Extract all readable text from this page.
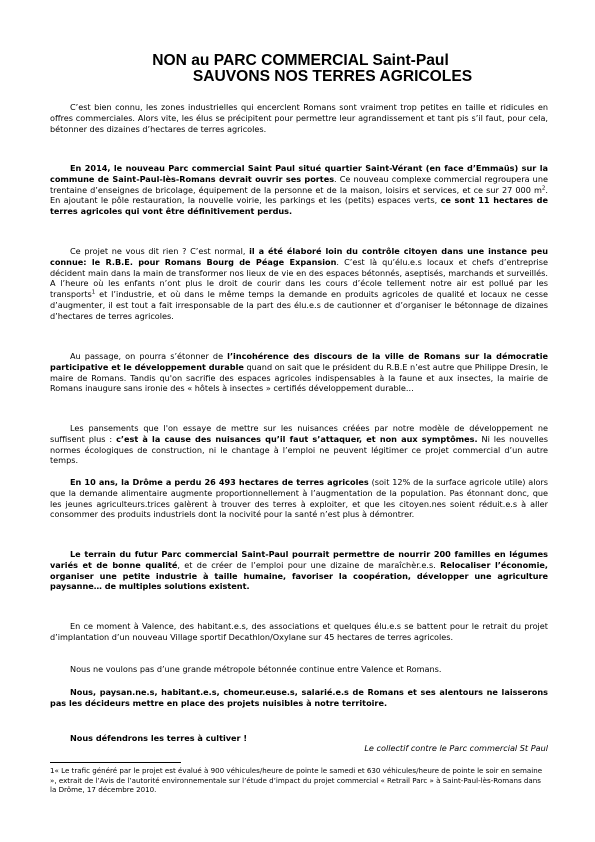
NON au PARC COMMERCIAL Saint-Paul
SAUVONS NOS TERRES AGRICOLES

C’est bien connu, les zones industrielles qui encerclent Romans sont vraiment trop petites en taille et ridicules en offres commerciales. Alors vite, les élus se précipitent pour permettre leur agrandissement et tant pis s’il faut, pour cela, bétonner des dizaines d’hectares de terres agricoles.

En 2014, le nouveau Parc commercial Saint Paul situé quartier Saint-Vérant (en face d’Emmaüs) sur la commune de Saint-Paul-lès-Romans devrait ouvrir ses portes. Ce nouveau complexe commercial regroupera une trentaine d’enseignes de bricolage, équipement de la personne et de la maison, loisirs et services, et ce sur 27 000 $m^2$. En ajoutant le pôle restauration, la nouvelle voirie, les parkings et les (petits) espaces verts, ce sont 11 hectares de terres agricoles qui vont être définitivement perdus.

Ce projet ne vous dit rien ? C’est normal, il a été élaboré loin du contrôle citoyen dans une instance peu connue: le R.B.E. pour Romans Bourg de Péage Expansion. C’est là qu’élu.e.s locaux et chefs d’entreprise décident main dans la main de transformer nos lieux de vie en des espaces bétonnés, aseptisés, marchands et surveillés. A l’heure où les enfants n’ont plus le droit de courir dans les cours d’école tellement notre air est pollué par les transports$^1$ et l’industrie, et où dans le même temps la demande en produits agricoles de qualité et locaux ne cesse d’augmenter, il est tout a fait irresponsable de la part des élu.e.s de cautionner et d’organiser le bétonnage de dizaines d’hectares de terres agricoles.

Au passage, on pourra s’étonner de l’incohérence des discours de la ville de Romans sur la démocratie participative et le développement durable quand on sait que le président du R.B.E n’est autre que Philippe Dresin, le maire de Romans. Tandis qu'on sacrifie des espaces agricoles indispensables à la faune et aux insectes, la mairie de Romans inaugure sans ironie des « hôtels à insectes » certifiés développement durable...

Les pansements que l'on essaye de mettre sur les nuisances créées par notre modèle de développement ne suffisent plus : c’est à la cause des nuisances qu’il faut s’attaquer, et non aux symptômes. Ni les nouvelles normes écologiques de construction, ni le chantage à l’emploi ne peuvent légitimer ce projet commercial d’un autre temps.

En 10 ans, la Drôme a perdu 26 493 hectares de terres agricoles (soit 12% de la surface agricole utile) alors que la demande alimentaire augmente proportionnellement à l’augmentation de la population. Pas étonnant donc, que les jeunes agriculteurs.trices galèrent à trouver des terres à exploiter, et que les citoyen.nes soient réduit.e.s à aller consommer des produits industriels dont la nocivité pour la santé n’est plus à démontrer.

Le terrain du futur Parc commercial Saint-Paul pourrait permettre de nourrir 200 familles en légumes variés et de bonne qualité, et de créer de l’emploi pour une dizaine de maraîchèr.e.s. Relocaliser l’économie, organiser une petite industrie à taille humaine, favoriser la coopération, développer une agriculture paysanne… de multiples solutions existent.

En ce moment à Valence, des habitant.e.s, des associations et quelques élu.e.s se battent pour le retrait du projet d’implantation d’un nouveau Village sportif Decathlon/Oxylane sur 45 hectares de terres agricoles.

Nous ne voulons pas d’une grande métropole bétonnée continue entre Valence et Romans.

Nous, paysan.ne.s, habitant.e.s, chomeur.euse.s, salarié.e.s de Romans et ses alentours ne laisserons pas les décideurs mettre en place des projets nuisibles à notre territoire.

Nous défendrons les terres à cultiver !

Le collectif contre le Parc commercial St Paul
1« Le trafic généré par le projet est évalué à 900 véhicules/heure de pointe le samedi et 630 véhicules/heure de pointe le soir en semaine », extrait de l’Avis de l’autorité environnementale sur l’étude d’impact du projet commercial « Retrail Parc » à Saint-Paul-lès-Romans dans la Drôme, 17 décembre 2010.
